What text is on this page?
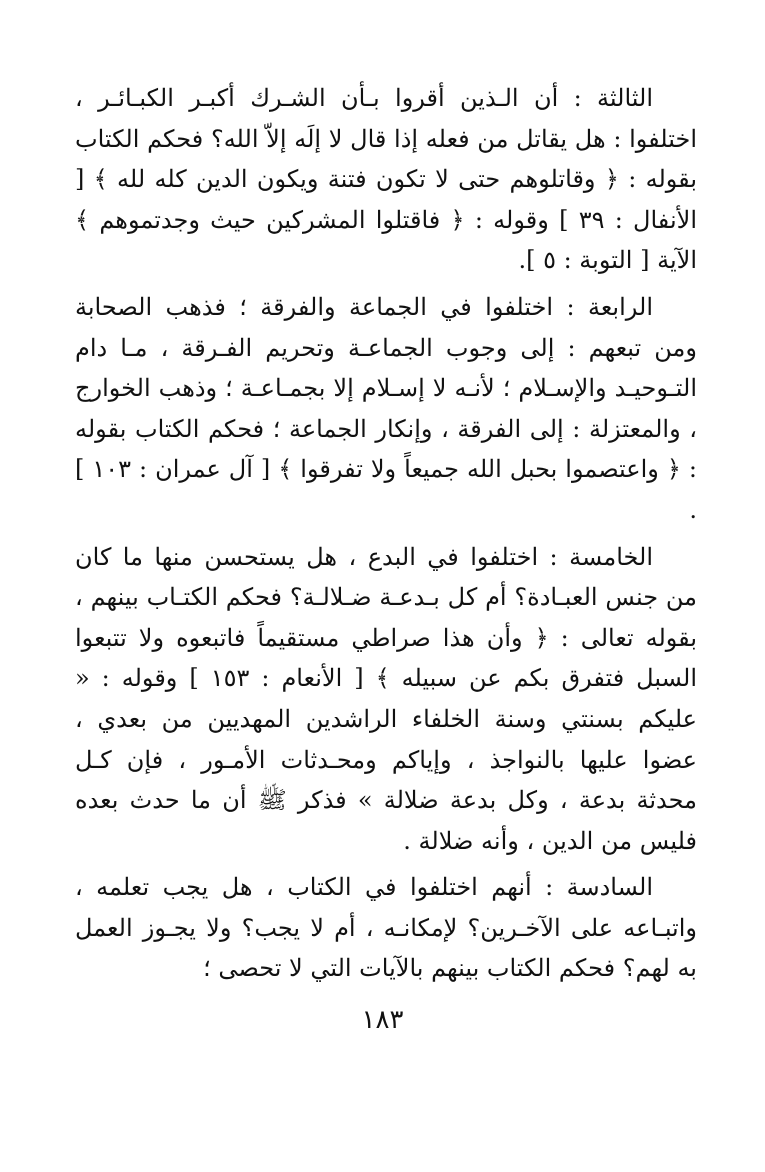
الثالثة : أن الـذين أقروا بـأن الشـرك أكبـر الكبـائـر ، اختلفوا : هل يقاتل من فعله إذا قال لا إلَه إلاّ الله؟ فحكم الكتاب بقوله : ﴿ وقاتلوهم حتى لا تكون فتنة ويكون الدين كله لله ﴾ [ الأنفال : ٣٩ ] وقوله : ﴿ فاقتلوا المشركين حيث وجدتموهم ﴾ الآية [ التوبة : ٥ ].

الرابعة : اختلفوا في الجماعة والفرقة ؛ فذهب الصحابة ومن تبعهم : إلى وجوب الجماعـة وتحريم الفـرقة ، مـا دام التـوحيـد والإسـلام ؛ لأنـه لا إسـلام إلا بجمـاعـة ؛ وذهب الخوارج ، والمعتزلة : إلى الفرقة ، وإنكار الجماعة ؛ فحكم الكتاب بقوله : ﴿ واعتصموا بحبل الله جميعاً ولا تفرقوا ﴾ [ آل عمران : ١٠٣ ] .

الخامسة : اختلفوا في البدع ، هل يستحسن منها ما كان من جنس العبـادة؟ أم كل بـدعـة ضـلالـة؟ فحكم الكتـاب بينهم ، بقوله تعالى : ﴿ وأن هذا صراطي مستقيماً فاتبعوه ولا تتبعوا السبل فتفرق بكم عن سبيله ﴾ [ الأنعام : ١٥٣ ] وقوله : « عليكم بسنتي وسنة الخلفاء الراشدين المهديين من بعدي ، عضوا عليها بالنواجذ ، وإياكم ومحـدثات الأمـور ، فإن كـل محدثة بدعة ، وكل بدعة ضلالة » فذكر ﷺ أن ما حدث بعده فليس من الدين ، وأنه ضلالة .

السادسة : أنهم اختلفوا في الكتاب ، هل يجب تعلمه ، واتبـاعه على الآخـرين؟ لإمكانـه ، أم لا يجب؟ ولا يجـوز العمل به لهم؟ فحكم الكتاب بينهم بالآيات التي لا تحصى ؛

١٨٣
